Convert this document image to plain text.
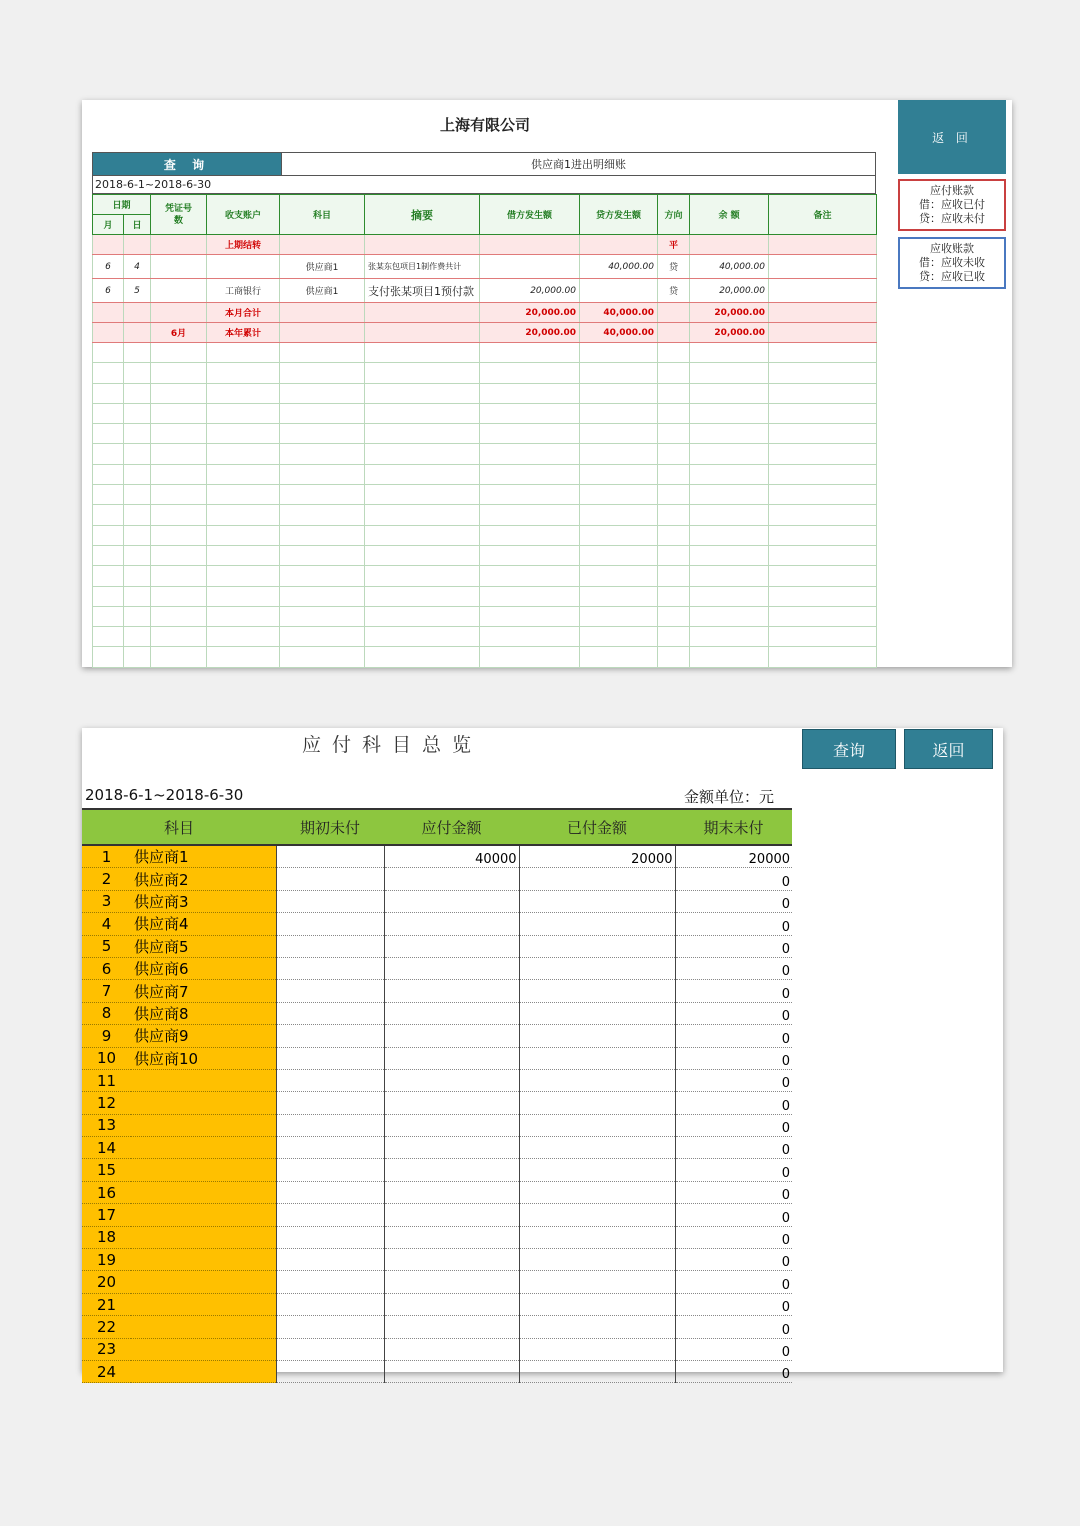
上海有限公司
查 询	供应商1进出明细账
2018-6-1~2018-6-30
日期		凭证号数	收支账户	科目	摘要	借方发生额	贷方发生额	方向	余 额	备注
月	日									
			上期结转					平		
6	4			供应商1	张某东包项目1制作费共计		40,000.00	贷	40,000.00	
6	5		工商银行	供应商1	支付张某项目1预付款	20,000.00		贷	20,000.00	
			本月合计			20,000.00	40,000.00		20,000.00	
		6月	本年累计			20,000.00	40,000.00		20,000.00	

返 回
应付账款
借：应收已付
贷：应收未付
应收账款
借：应收未收
贷：应收已收
应付科目总览	查询	返回
2018-6-1~2018-6-30	金额单位：元
科目		期初未付	应付金额	已付金额	期末未付
1	供应商1		40000	20000	20000
2	供应商2				0
3	供应商3				0
4	供应商4				0
5	供应商5				0
6	供应商6				0
7	供应商7				0
8	供应商8				0
9	供应商9				0
10	供应商10				0
11					0
12					0
13					0
14					0
15					0
16					0
17					0
18					0
19					0
20					0
21					0
22					0
23					0
24					0
